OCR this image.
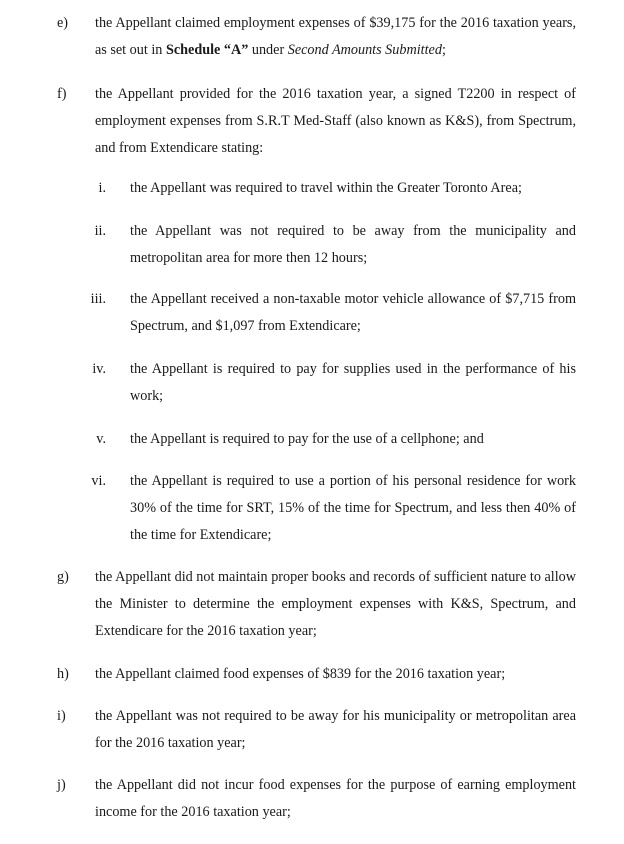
e) the Appellant claimed employment expenses of $39,175 for the 2016 taxation years, as set out in Schedule “A” under Second Amounts Submitted;
f) the Appellant provided for the 2016 taxation year, a signed T2200 in respect of employment expenses from S.R.T Med-Staff (also known as K&S), from Spectrum, and from Extendicare stating:
i. the Appellant was required to travel within the Greater Toronto Area;
ii. the Appellant was not required to be away from the municipality and metropolitan area for more then 12 hours;
iii. the Appellant received a non-taxable motor vehicle allowance of $7,715 from Spectrum, and $1,097 from Extendicare;
iv. the Appellant is required to pay for supplies used in the performance of his work;
v. the Appellant is required to pay for the use of a cellphone; and
vi. the Appellant is required to use a portion of his personal residence for work 30% of the time for SRT, 15% of the time for Spectrum, and less then 40% of the time for Extendicare;
g) the Appellant did not maintain proper books and records of sufficient nature to allow the Minister to determine the employment expenses with K&S, Spectrum, and Extendicare for the 2016 taxation year;
h) the Appellant claimed food expenses of $839 for the 2016 taxation year;
i) the Appellant was not required to be away for his municipality or metropolitan area for the 2016 taxation year;
j) the Appellant did not incur food expenses for the purpose of earning employment income for the 2016 taxation year;
